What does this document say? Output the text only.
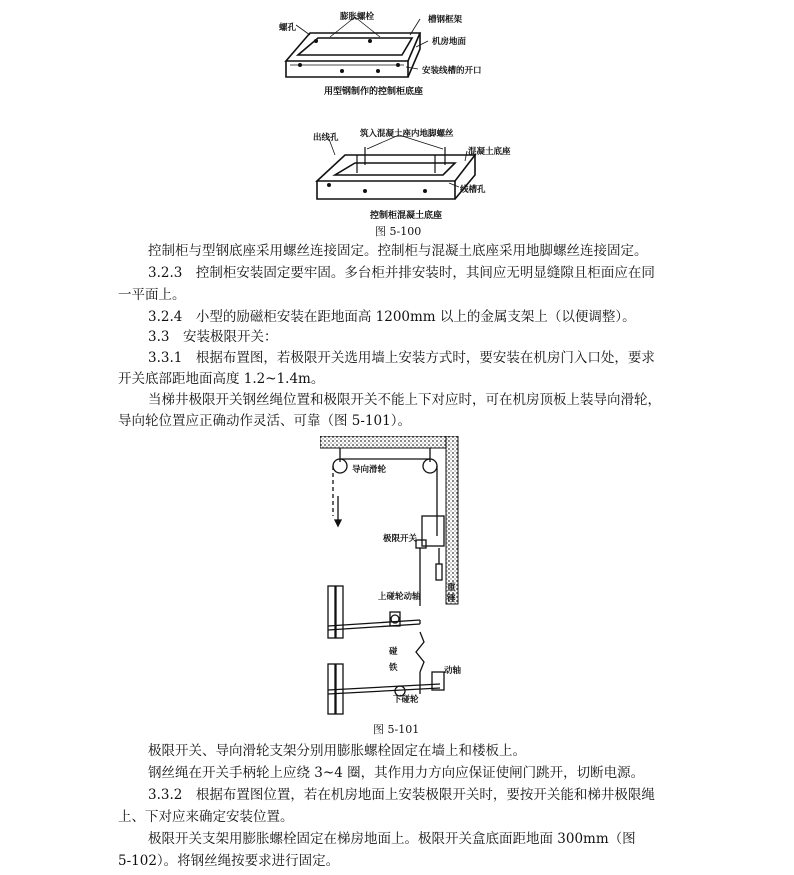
螺孔
膨胀螺栓	槽钢框架
机房地面
安装线槽的开口
用型钢制作的控制柜底座
出线孔	筑入混凝土座内地脚螺丝
混凝土底座
线槽孔
控制柜混凝土底座
图 5-100
控制柜与型钢底座采用螺丝连接固定。控制柜与混凝土底座采用地脚螺丝连接固定。
3.2.3　控制柜安装固定要牢固。多台柜并排安装时，其间应无明显缝隙且柜面应在同
一平面上。
3.2.4　小型的励磁柜安装在距地面高 1200mm 以上的金属支架上（以便调整）。
3.3　安装极限开关：
3.3.1　根据布置图，若极限开关选用墙上安装方式时，要安装在机房门入口处，要求
开关底部距地面高度 1.2~1.4m。
当梯井极限开关钢丝绳位置和极限开关不能上下对应时，可在机房顶板上装导向滑轮，
导向轮位置应正确动作灵活、可靠（图 5-101）。
导向滑轮
极限开关
重
锤
上碰轮动轴
碰
铁	动轴
下碰轮
图 5-101
极限开关、导向滑轮支架分别用膨胀螺栓固定在墙上和楼板上。
钢丝绳在开关手柄轮上应绕 3~4 圈，其作用力方向应保证使闸门跳开，切断电源。
3.3.2　根据布置图位置，若在机房地面上安装极限开关时，要按开关能和梯井极限绳
上、下对应来确定安装位置。
极限开关支架用膨胀螺栓固定在梯房地面上。极限开关盒底面距地面 300mm（图
5-102）。将钢丝绳按要求进行固定。
